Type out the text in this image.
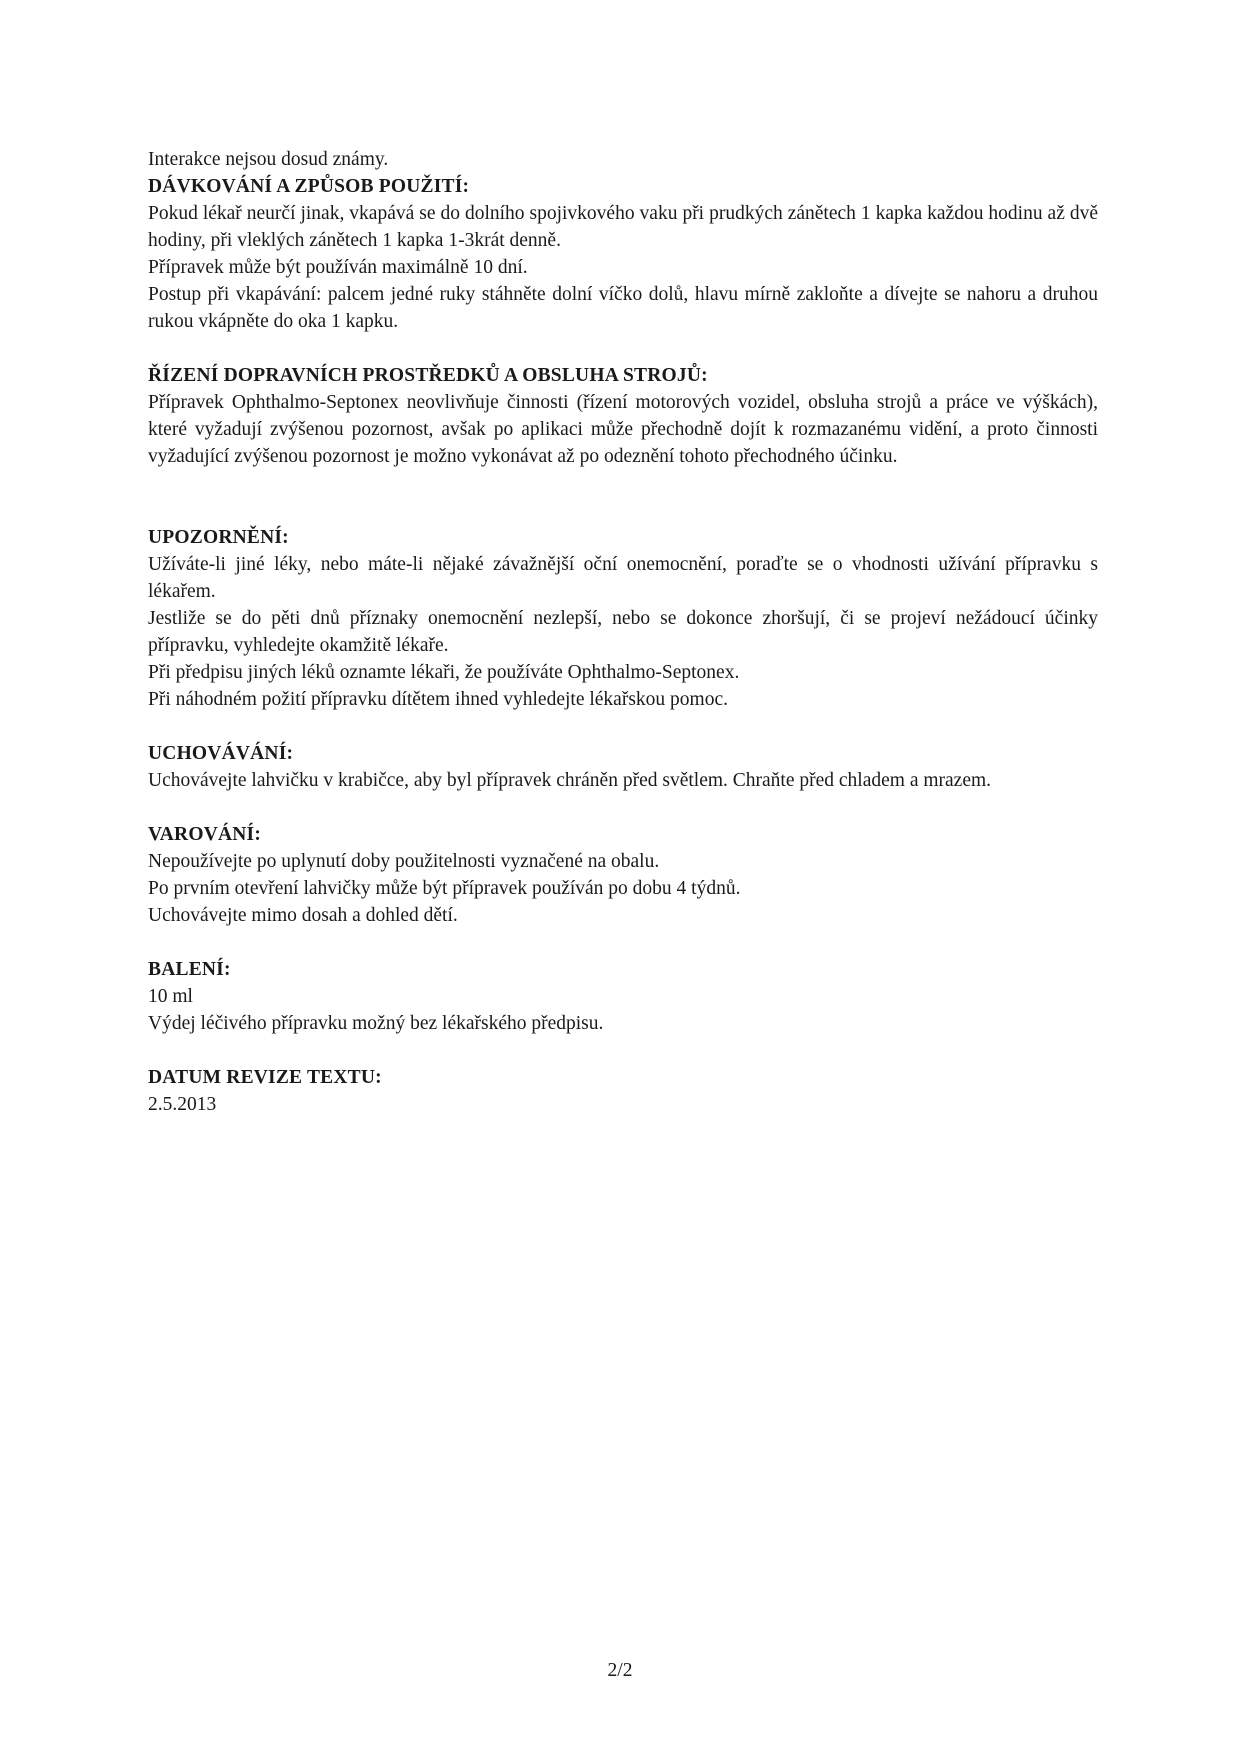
Interakce nejsou dosud známy.

DÁVKOVÁNÍ A ZPŮSOB POUŽITÍ:

Pokud lékař neurčí jinak, vkapává se do dolního spojivkového vaku při prudkých zánětech 1 kapka každou hodinu až dvě hodiny, při vleklých zánětech 1 kapka 1-3krát denně.

Přípravek může být používán maximálně 10 dní.

Postup při vkapávání: palcem jedné ruky stáhněte dolní víčko dolů, hlavu mírně zakloňte a dívejte se nahoru a druhou rukou vkápněte do oka 1 kapku.

ŘÍZENÍ DOPRAVNÍCH PROSTŘEDKŮ A OBSLUHA STROJŮ:

Přípravek Ophthalmo-Septonex neovlivňuje činnosti (řízení motorových vozidel, obsluha strojů a práce ve výškách), které vyžadují zvýšenou pozornost, avšak po aplikaci může přechodně dojít k rozmazanému vidění, a proto činnosti vyžadující zvýšenou pozornost je možno vykonávat až po odeznění tohoto přechodného účinku.

UPOZORNĚNÍ:

Užíváte-li jiné léky, nebo máte-li nějaké závažnější oční onemocnění, poraďte se o vhodnosti užívání přípravku s lékařem.

Jestliže se do pěti dnů příznaky onemocnění nezlepší, nebo se dokonce zhoršují, či se projeví nežádoucí účinky přípravku, vyhledejte okamžitě lékaře.

Při předpisu jiných léků oznamte lékaři, že používáte Ophthalmo-Septonex.

Při náhodném požití přípravku dítětem ihned vyhledejte lékařskou pomoc.

UCHOVÁVÁNÍ:

Uchovávejte lahvičku v krabičce, aby byl přípravek chráněn před světlem. Chraňte před chladem a mrazem.

VAROVÁNÍ:

Nepoužívejte po uplynutí doby použitelnosti vyznačené na obalu.

Po prvním otevření lahvičky může být přípravek používán po dobu 4 týdnů.

Uchovávejte mimo dosah a dohled dětí.

BALENÍ:

10 ml

Výdej léčivého přípravku možný bez lékařského předpisu.

DATUM REVIZE TEXTU:

2.5.2013

2/2
